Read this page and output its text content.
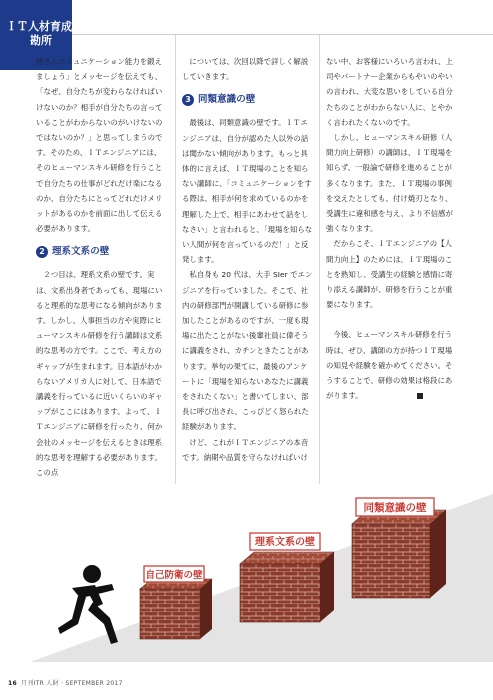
ＩＴ人材育成の
勘所

皆さんコミュニケーション能力を鍛えましょう」とメッセージを伝えても、「なぜ、自分たちが変わらなければいけないのか？相手が自分たちの言っていることがわからないのがいけないのではないのか？」と思ってしまうのです。そのため、ＩＴエンジニアには、そのヒューマンスキル研修を行うことで自分たちの仕事がどれだけ楽になるのか、自分たちにとってどれだけメリットがあるのかを前面に出して伝える必要があります。

2 理系文系の壁

２つ目は、理系文系の壁です。実は、文系出身者であっても、現場にいると理系的な思考になる傾向があります。しかし、人事担当の方や実際にヒューマンスキル研修を行う講師は文系的な思考の方です。ここで、考え方のギャップが生まれます。日本語がわからないアメリカ人に対して、日本語で講義を行っているに近いくらいのギャップがここにはあります。よって、ＩＴエンジニアに研修を行ったり、何か会社のメッセージを伝えるときは理系的な思考を理解する必要があります。この点

については、次回以降で詳しく解説していきます。

3 同類意識の壁

最後は、同類意識の壁です。ＩＴエンジニアは、自分が認めた人以外の話は聞かない傾向があります。もっと具体的に言えば、ＩＴ現場のことを知らない講師に、「コミュニケーションをする際は、相手が何を求めているのかを理解した上で、相手にあわせて話をしなさい」と言われると、「現場を知らない人間が何を言っているのだ！」と反発します。

私自身も 20 代は、大手 SIer でエンジニアを行っていました。そこで、社内の研修部門が開講している研修に参加したことがあるのですが、一度も現場に出たことがない後輩社員に偉そうに講義をされ、カチンときたことがあります。挙句の果てに、最後のアンケートに「現場を知らないあなたに講義をされたくない」と書いてしまい、部長に呼び出され、こっぴどく怒られた経験があります。

けど、これがＩＴエンジニアの本音です。納期や品質を守らなければいけ

ない中、お客様にいろいろ言われ、上司やパートナー企業からもやいのやいの言われ、大変な思いをしている自分たちのことがわからない人に、とやかく言われたくないのです。

しかし、ヒューマンスキル研修（人間力向上研修）の講師は、ＩＴ現場を知らず、一般論で研修を進めることが多くなります。また、ＩＴ現場の事例を交えたとしても、付け焼刃となり、受講生に違和感を与え、より不信感が強くなります。

だからこそ、ＩＴエンジニアの【人間力向上】のためには、ＩＴ現場のことを熟知し、受講生の経験と感情に寄り添える講師が、研修を行うことが重要になります。

今後、ヒューマンスキル研修を行う時は、ぜひ、講師の方が持つＩＴ現場の知見や経験を確かめてください。そうすることで、研修の効果は格段にあがります。

自己防衛の壁
理系文系の壁
同類意識の壁
16 月刊ITR 人財 · SEPTEMBER 2017
